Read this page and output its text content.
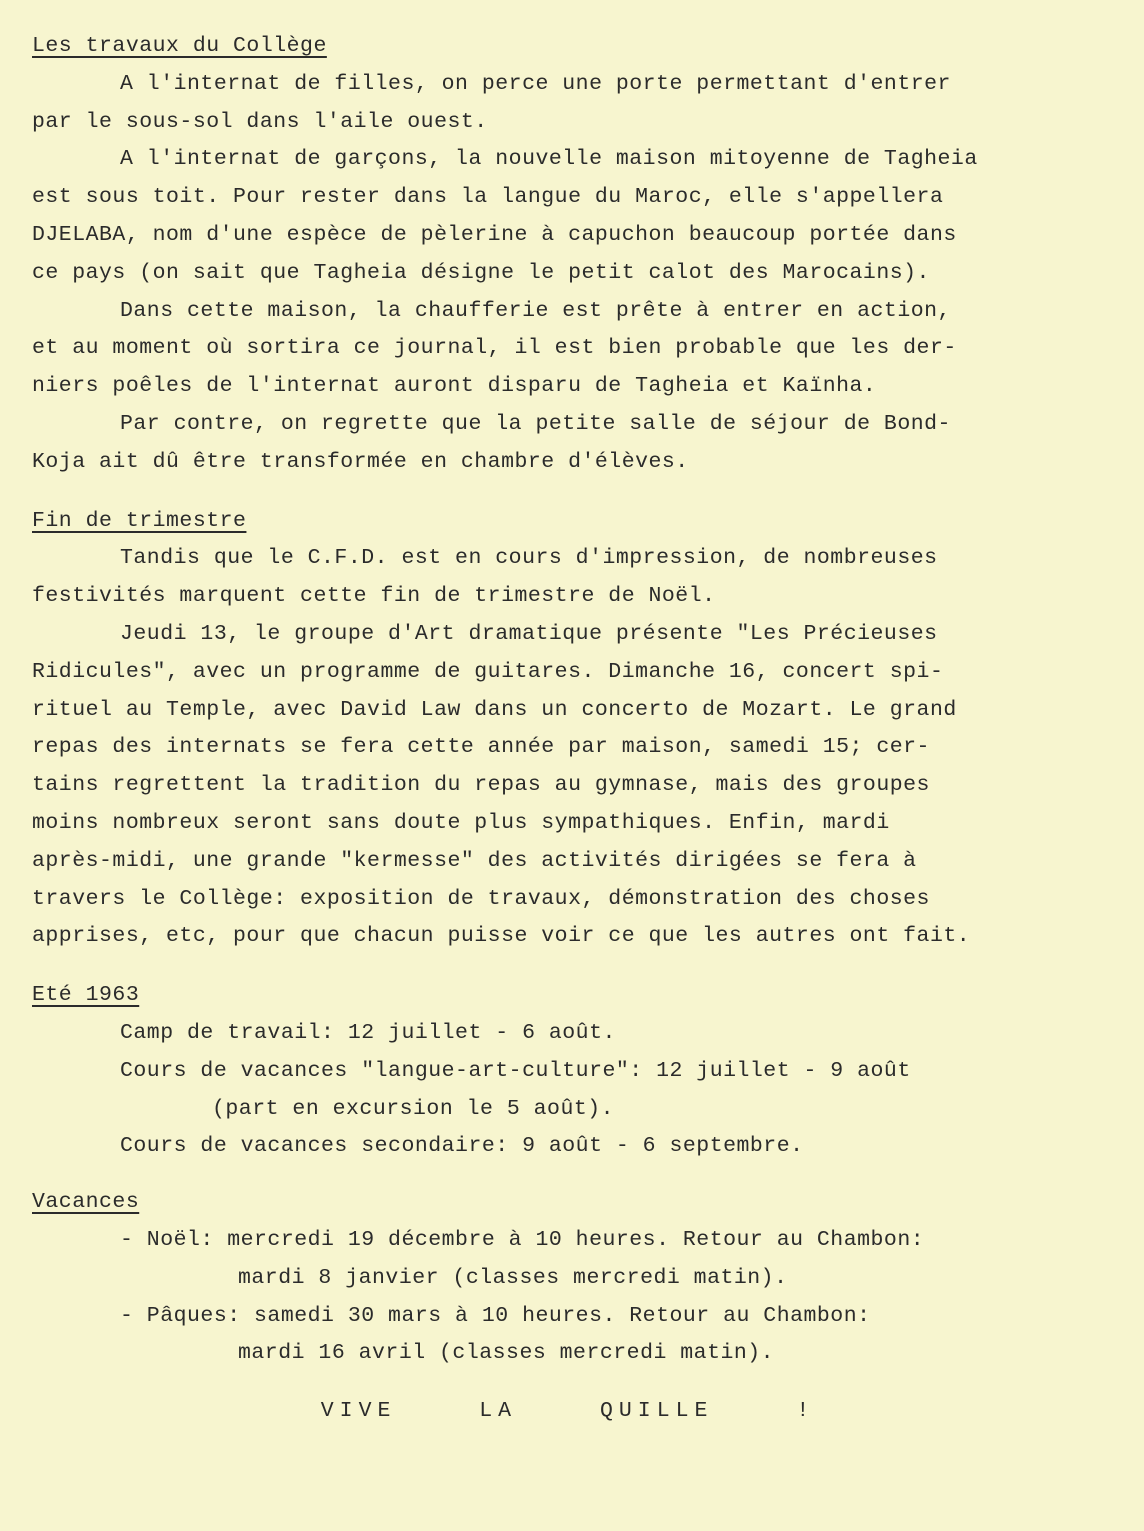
Les travaux du Collège
A l'internat de filles, on perce une porte permettant d'entrer
par le sous-sol dans l'aile ouest.
A l'internat de garçons, la nouvelle maison mitoyenne de Tagheia
est sous toit. Pour rester dans la langue du Maroc, elle s'appellera
DJELABA, nom d'une espèce de pèlerine à capuchon beaucoup portée dans
ce pays (on sait que Tagheia désigne le petit calot des Marocains).
Dans cette maison, la chaufferie est prête à entrer en action,
et au moment où sortira ce journal, il est bien probable que les der-
niers poêles de l'internat auront disparu de Tagheia et Kaïnha.
Par contre, on regrette que la petite salle de séjour de Bond-
Koja ait dû être transformée en chambre d'élèves.
Fin de trimestre
Tandis que le C.F.D. est en cours d'impression, de nombreuses
festivités marquent cette fin de trimestre de Noël.
Jeudi 13, le groupe d'Art dramatique présente "Les Précieuses
Ridicules", avec un programme de guitares. Dimanche 16, concert spi-
rituel au Temple, avec David Law dans un concerto de Mozart. Le grand
repas des internats se fera cette année par maison, samedi 15; cer-
tains regrettent la tradition du repas au gymnase, mais des groupes
moins nombreux seront sans doute plus sympathiques. Enfin, mardi
après-midi, une grande "kermesse" des activités dirigées se fera à
travers le Collège: exposition de travaux, démonstration des choses
apprises, etc, pour que chacun puisse voir ce que les autres ont fait.
Eté 1963
Camp de travail: 12 juillet - 6 août.
Cours de vacances "langue-art-culture": 12 juillet - 9 août
(part en excursion le 5 août).
Cours de vacances secondaire: 9 août - 6 septembre.
Vacances
- Noël: mercredi 19 décembre à 10 heures. Retour au Chambon:
mardi 8 janvier (classes mercredi matin).
- Pâques: samedi 30 mars à 10 heures. Retour au Chambon:
mardi 16 avril (classes mercredi matin).
VIVE	LA	QUILLE	!
